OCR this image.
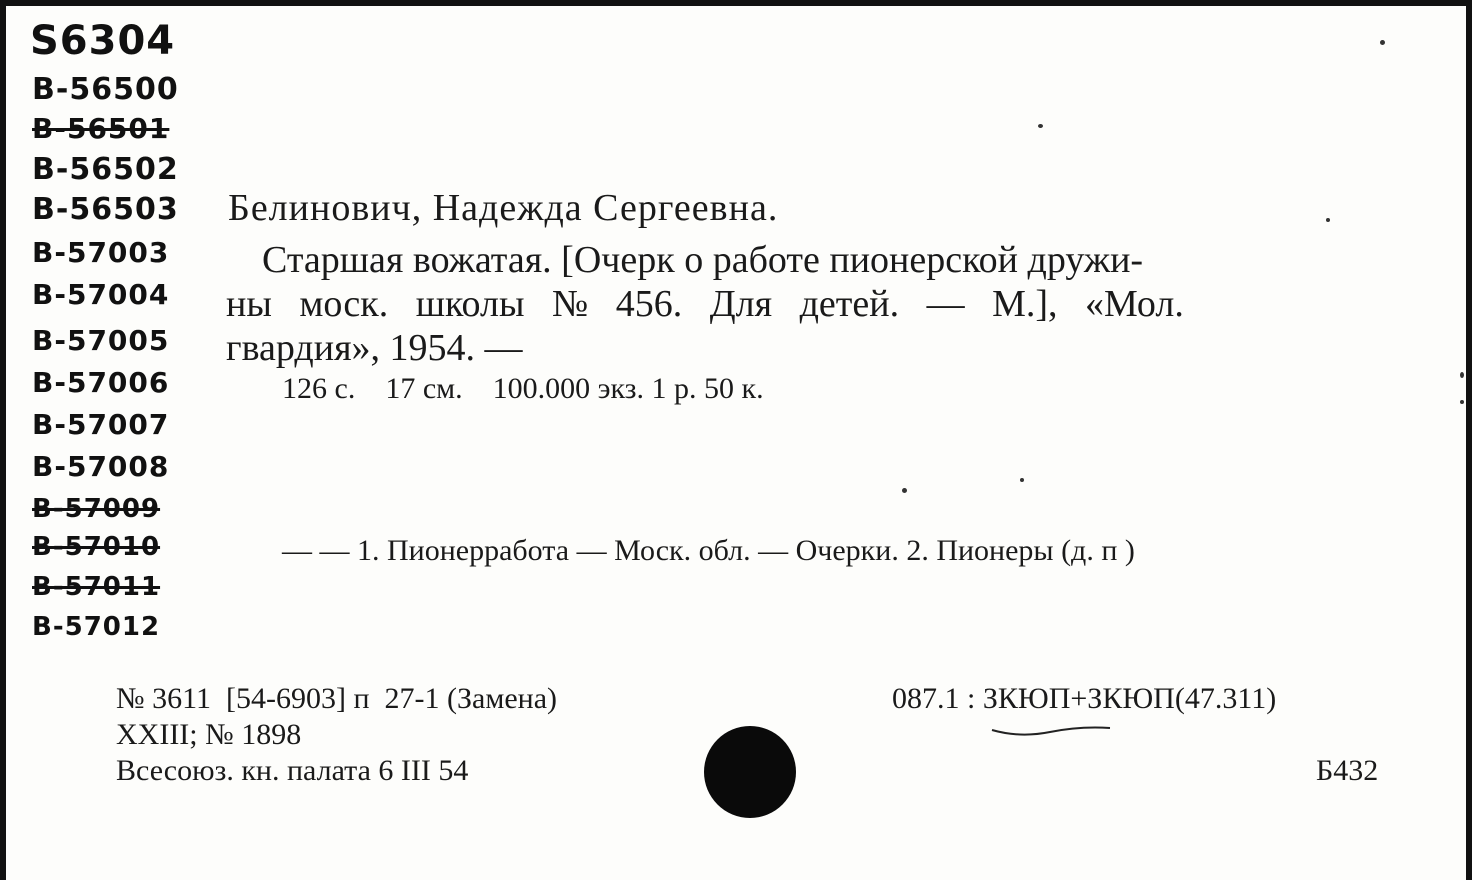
S6304
B-56500
B-56501
B-56502
B-56503
B-57003
B-57004
B-57005
B-57006
B-57007
B-57008
B-57009
B-57010
B-57011
B-57012
Белинович, Надежда Сергеевна.
Старшая вожатая. [Очерк о работе пионерской дружи-
ны моск. школы № 456. Для детей. — М.], «Мол.
гвардия», 1954. —
126 с.    17 см.    100.000 экз. 1 р. 50 к.
— — 1. Пионерработа — Моск. обл. — Очерки. 2. Пионеры (д. п )
№ 3611  [54-6903] п  27-1 (Замена)
XXIII; № 1898
Всесоюз. кн. палата 6 III 54
087.1 : ЗКЮП+ЗКЮП(47.311)
Б432
